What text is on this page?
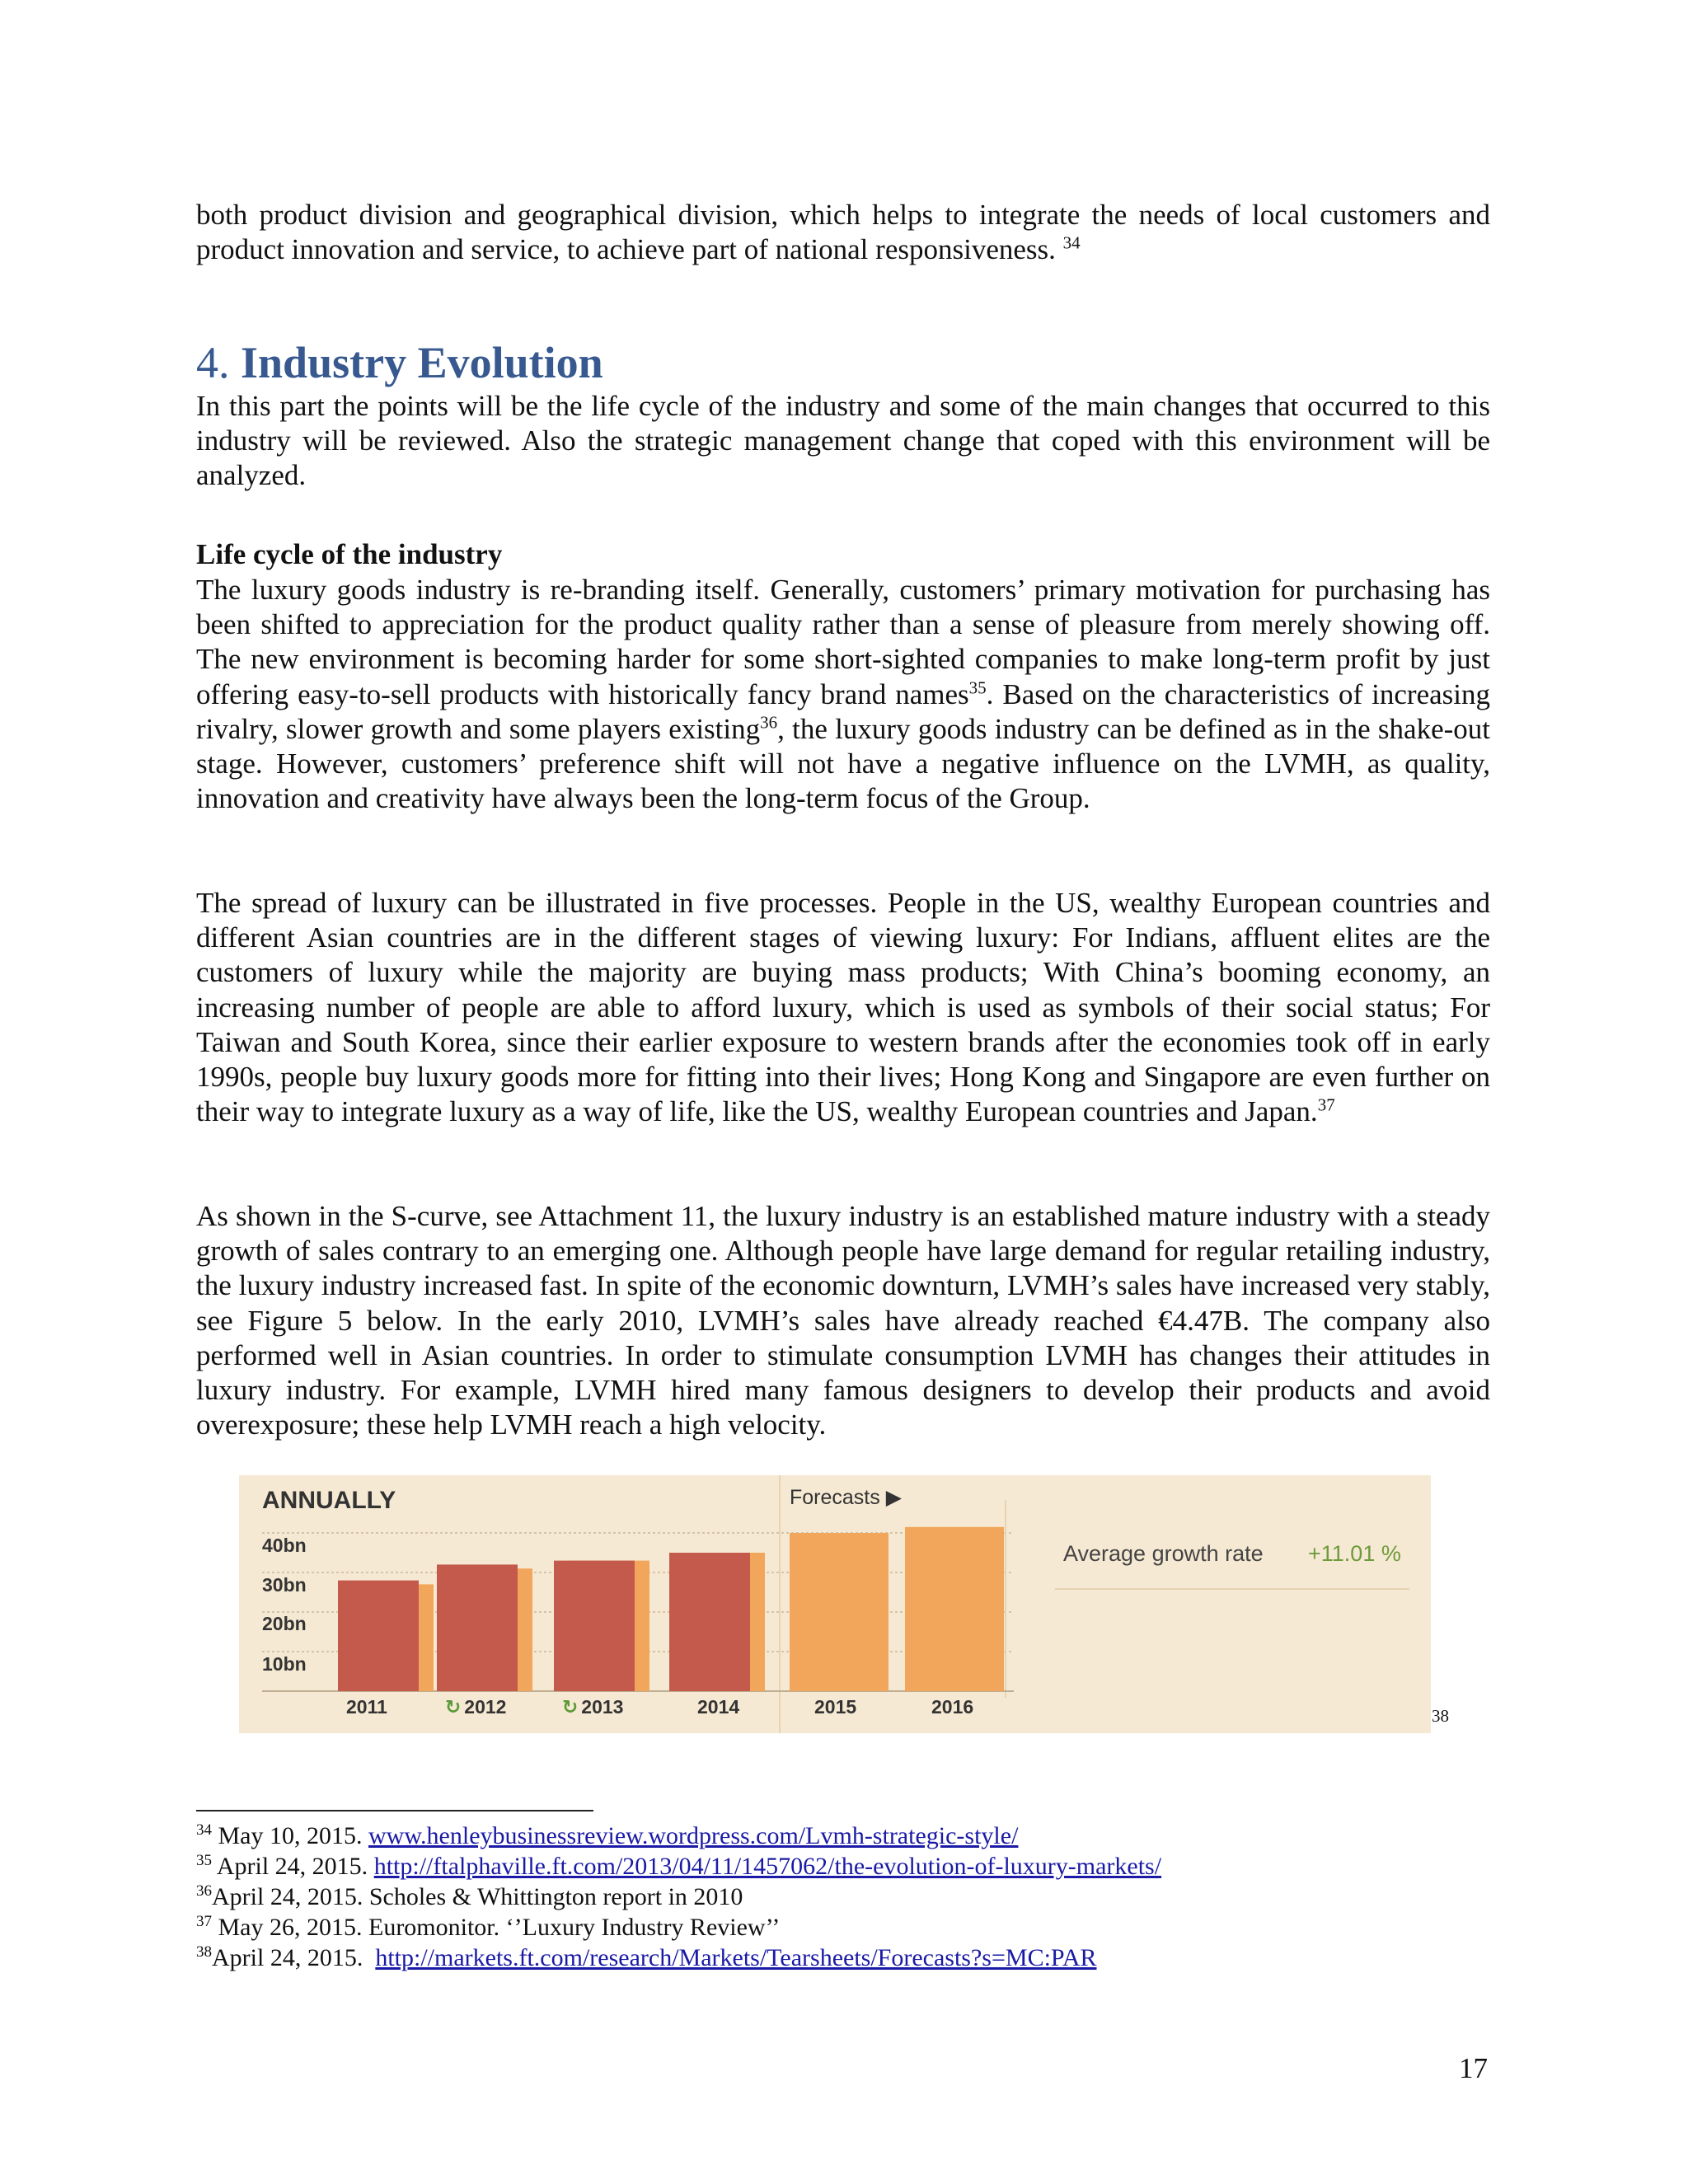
both product division and geographical division, which helps to integrate the needs of local customers and product innovation and service, to achieve part of national responsiveness. $^{34}$

4. Industry Evolution

In this part the points will be the life cycle of the industry and some of the main changes that occurred to this industry will be reviewed. Also the strategic management change that coped with this environment will be analyzed.

Life cycle of the industry

The luxury goods industry is re-branding itself. Generally, customers’ primary motivation for purchasing has been shifted to appreciation for the product quality rather than a sense of pleasure from merely showing off. The new environment is becoming harder for some short-sighted companies to make long-term profit by just offering easy-to-sell products with historically fancy brand names$^{35}$. Based on the characteristics of increasing rivalry, slower growth and some players existing$^{36}$, the luxury goods industry can be defined as in the shake-out stage. However, customers’ preference shift will not have a negative influence on the LVMH, as quality, innovation and creativity have always been the long-term focus of the Group.

The spread of luxury can be illustrated in five processes. People in the US, wealthy European countries and different Asian countries are in the different stages of viewing luxury: For Indians, affluent elites are the customers of luxury while the majority are buying mass products; With China’s booming economy, an increasing number of people are able to afford luxury, which is used as symbols of their social status; For Taiwan and South Korea, since their earlier exposure to western brands after the economies took off in early 1990s, people buy luxury goods more for fitting into their lives; Hong Kong and Singapore are even further on their way to integrate luxury as a way of life, like the US, wealthy European countries and Japan.$^{37}$

As shown in the S-curve, see Attachment 11, the luxury industry is an established mature industry with a steady growth of sales contrary to an emerging one. Although people have large demand for regular retailing industry, the luxury industry increased fast. In spite of the economic downturn, LVMH’s sales have increased very stably, see Figure 5 below. In the early 2010, LVMH’s sales have already reached €4.47B. The company also performed well in Asian countries. In order to stimulate consumption LVMH has changes their attitudes in luxury industry. For example, LVMH hired many famous designers to develop their products and avoid overexposure; these help LVMH reach a high velocity.

ANNUALLY	Forecasts ▶
40bn
30bn
20bn
10bn
2011	↻ 2012	↻ 2013	2014	2015	2016
Average growth rate +11.01 %
38

$^{34}$ May 10, 2015. www.henleybusinessreview.wordpress.com/Lvmh-strategic-style/

$^{35}$ April 24, 2015. http://ftalphaville.ft.com/2013/04/11/1457062/the-evolution-of-luxury-markets/

$^{36}$April 24, 2015. Scholes & Whittington report in 2010

$^{37}$ May 26, 2015. Euromonitor. ‘’Luxury Industry Review’’

$^{38}$April 24, 2015. http://markets.ft.com/research/Markets/Tearsheets/Forecasts?s=MC:PAR

17
